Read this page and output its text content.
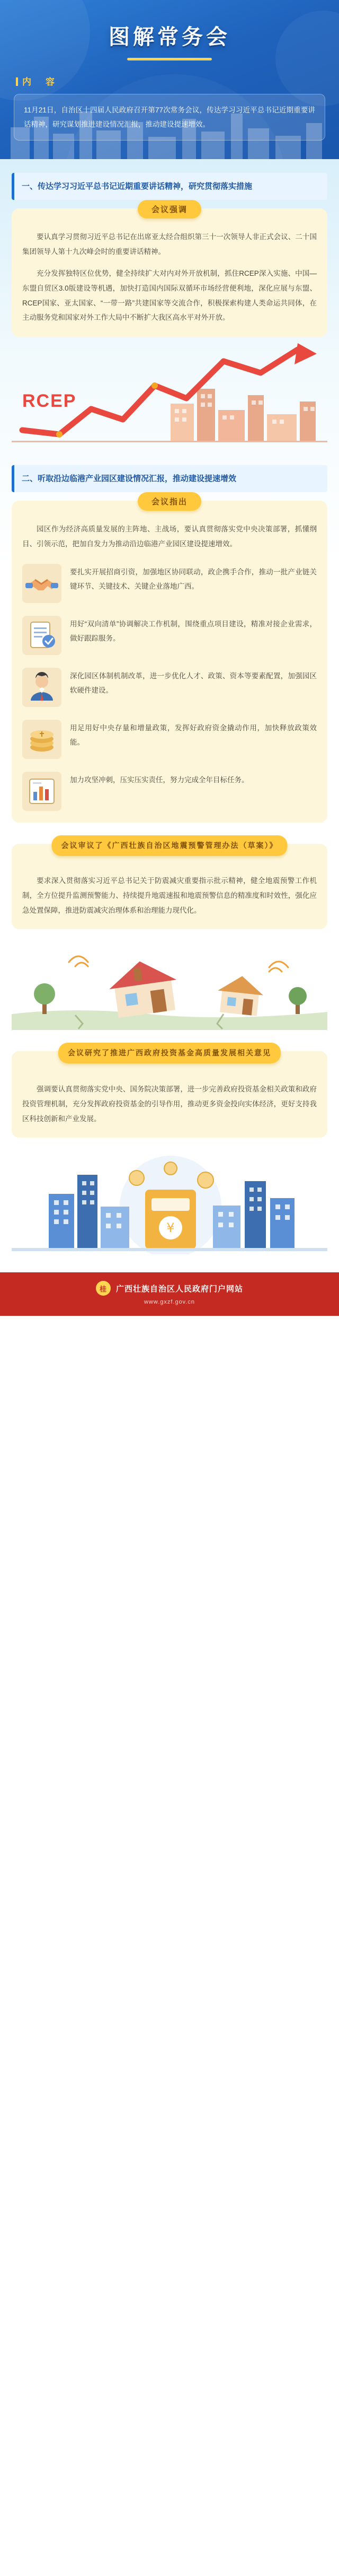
图解常务会
内　容
11月21日，自治区十四届人民政府召开第77次常务会议，传达学习习近平总书记近期重要讲话精神，研究谋划推进建设情况汇报，推动建设提速增效。
一、传达学习习近平总书记近期重要讲话精神，研究贯彻落实措施
会议强调
要认真学习贯彻习近平总书记在出席亚太经合组织第三十一次领导人非正式会议、二十国集团领导人第十九次峰会时的重要讲话精神。
充分发挥独特区位优势，健全持续扩大对内对外开放机制，抓住RCEP深入实施、中国—东盟自贸区3.0版建设等机遇，加快打造国内国际双循环市场经营便利地，深化应展与东盟、RCEP国家、亚太国家、“一带一路”共建国家等交流合作，积极探索构建人类命运共同体，在主动服务党和国家对外工作大局中不断扩大我区高水平对外开放。
RCEP
二、听取沿边临港产业园区建设情况汇报，推动建设提速增效
会议指出
园区作为经济高质量发展的主阵地、主战场，要认真贯彻落实党中央决策部署，抓懂纲目、引领示范，把加自发力为推动沿边临港产业园区建设提速增效。
要扎实开展招商引资，加强地区协同联动，政企携手合作，推动一批产业链关键环节、关键技术、关键企业落地广西。
用好“双向清单”协调解决工作机制，围绕重点项目建设，精准对接企业需求，做好跟踪服务。
深化园区体制机制改革，进一步优化人才、政策、资本等要素配置，加强园区软硬件建设。
用足用好中央存量和增量政策，发挥好政府资金撬动作用，加快释放政策效能。
加力攻坚冲刺，压实压实责任，努力完成全年目标任务。
会议审议了《广西壮族自治区地震预警管理办法（草案）》
要求深入贯彻落实习近平总书记关于防震减灾重要指示批示精神，健全地震预警工作机制，全方位提升监测预警能力、持续提升地震速报和地震预警信息的精准度和时效性，强化应急处置保障，推进防震减灾治理体系和治理能力现代化。
会议研究了推进广西政府投资基金高质量发展相关意见
强调要认真贯彻落实党中央、国务院决策部署，进一步完善政府投资基金相关政策和政府投资管理机制，充分发挥政府投资基金的引导作用，推动更多资金投向实体经济，更好支持我区科技创新和产业发展。
¥
桂	广西壮族自治区人民政府门户网站
www.gxzf.gov.cn
